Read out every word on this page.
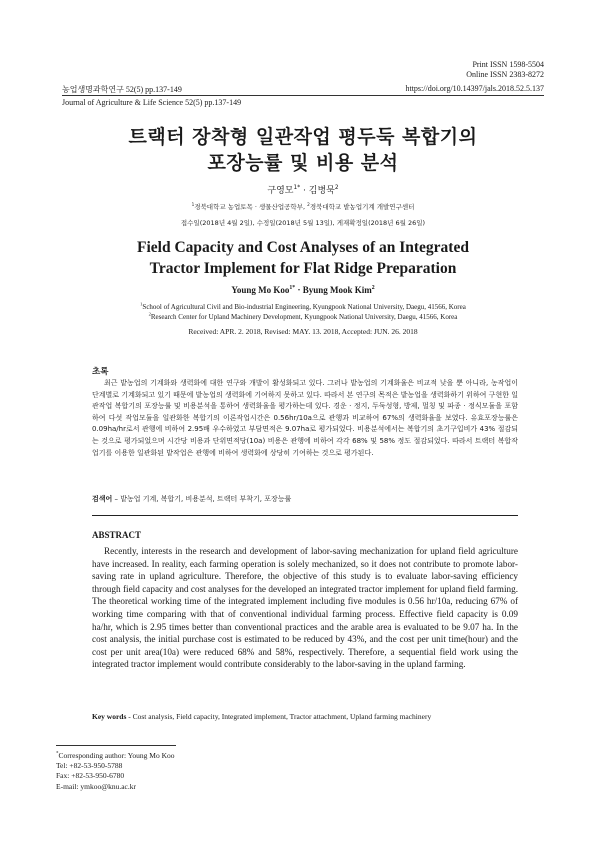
Print ISSN 1598-5504
Online ISSN 2383-8272
농업생명과학연구 52(5) pp.137-149	https://doi.org/10.14397/jals.2018.52.5.137
Journal of Agriculture & Life Science 52(5) pp.137-149
트랙터 장착형 일관작업 평두둑 복합기의
포장능률 및 비용 분석
구영모$^{1*}$ · 김병묵$^2$
$^1$경북대학교 농업토목 · 생물산업공학부, $^2$경북대학교 밭농업기계 개발연구센터
접수일(2018년 4월 2일), 수정일(2018년 5월 13일), 게재확정일(2018년 6월 26일)
Field Capacity and Cost Analyses of an Integrated
Tractor Implement for Flat Ridge Preparation
Young Mo Koo$^{1*}$ · Byung Mook Kim$^2$
$^1$School of Agricultural Civil and Bio-industrial Engineering, Kyungpook National University, Daegu, 41566, Korea
$^2$Research Center for Upland Machinery Development, Kyungpook National University, Daegu, 41566, Korea
Received: APR. 2. 2018, Revised: MAY. 13. 2018, Accepted: JUN. 26. 2018
초록
최근 밭농업의 기계화와 생력화에 대한 연구와 개발이 활성화되고 있다. 그러나 밭농업의 기계화율은 비교적 낮을 뿐 아니라, 농작업이 단계별로 기계화되고 있기 때문에 밭농업의 생력화에 기여하지 못하고 있다. 따라서 본 연구의 목적은 밭농업을 생력화하기 위하여 구현한 일관작업 복합기의 포장능률 및 비용분석을 통하여 생력화율을 평가하는데 있다. 경운 · 정지, 두둑성형, 방제, 멀칭 및 파종 · 정식모듈을 포함하여 다섯 작업모듈을 일관화한 복합기의 이론작업시간은 0.56hr/10a으로 관행과 비교하여 67%의 생력화율을 보였다. 유효포장능률은 0.09ha/hr로서 관행에 비하여 2.95배 우수하였고 부담면적은 9.07ha로 평가되었다. 비용분석에서는 복합기의 초기구입비가 43% 절감되는 것으로 평가되었으며 시간당 비용과 단위면적당(10a) 비용은 관행에 비하여 각각 68% 및 58% 정도 절감되었다. 따라서 트랙터 복합작업기를 이용한 일관화된 밭작업은 관행에 비하여 생력화에 상당히 기여하는 것으로 평가된다.
검색어 – 밭농업 기계, 복합기, 비용분석, 트랙터 부착기, 포장능률
ABSTRACT
Recently, interests in the research and development of labor-saving mechanization for upland field agriculture have increased. In reality, each farming operation is solely mechanized, so it does not contribute to promote labor-saving rate in upland agriculture. Therefore, the objective of this study is to evaluate labor-saving efficiency through field capacity and cost analyses for the developed an integrated tractor implement for upland field farming. The theoretical working time of the integrated implement including five modules is 0.56 hr/10a, reducing 67% of working time comparing with that of conventional individual farming process. Effective field capacity is 0.09 ha/hr, which is 2.95 times better than conventional practices and the arable area is evaluated to be 9.07 ha. In the cost analysis, the initial purchase cost is estimated to be reduced by 43%, and the cost per unit time(hour) and the cost per unit area(10a) were reduced 68% and 58%, respectively. Therefore, a sequential field work using the integrated tractor implement would contribute considerably to the labor-saving in the upland farming.
Key words - Cost analysis, Field capacity, Integrated implement, Tractor attachment, Upland farming machinery
*Corresponding author: Young Mo Koo
Tel: +82-53-950-5788
Fax: +82-53-950-6780
E-mail: ymkoo@knu.ac.kr
